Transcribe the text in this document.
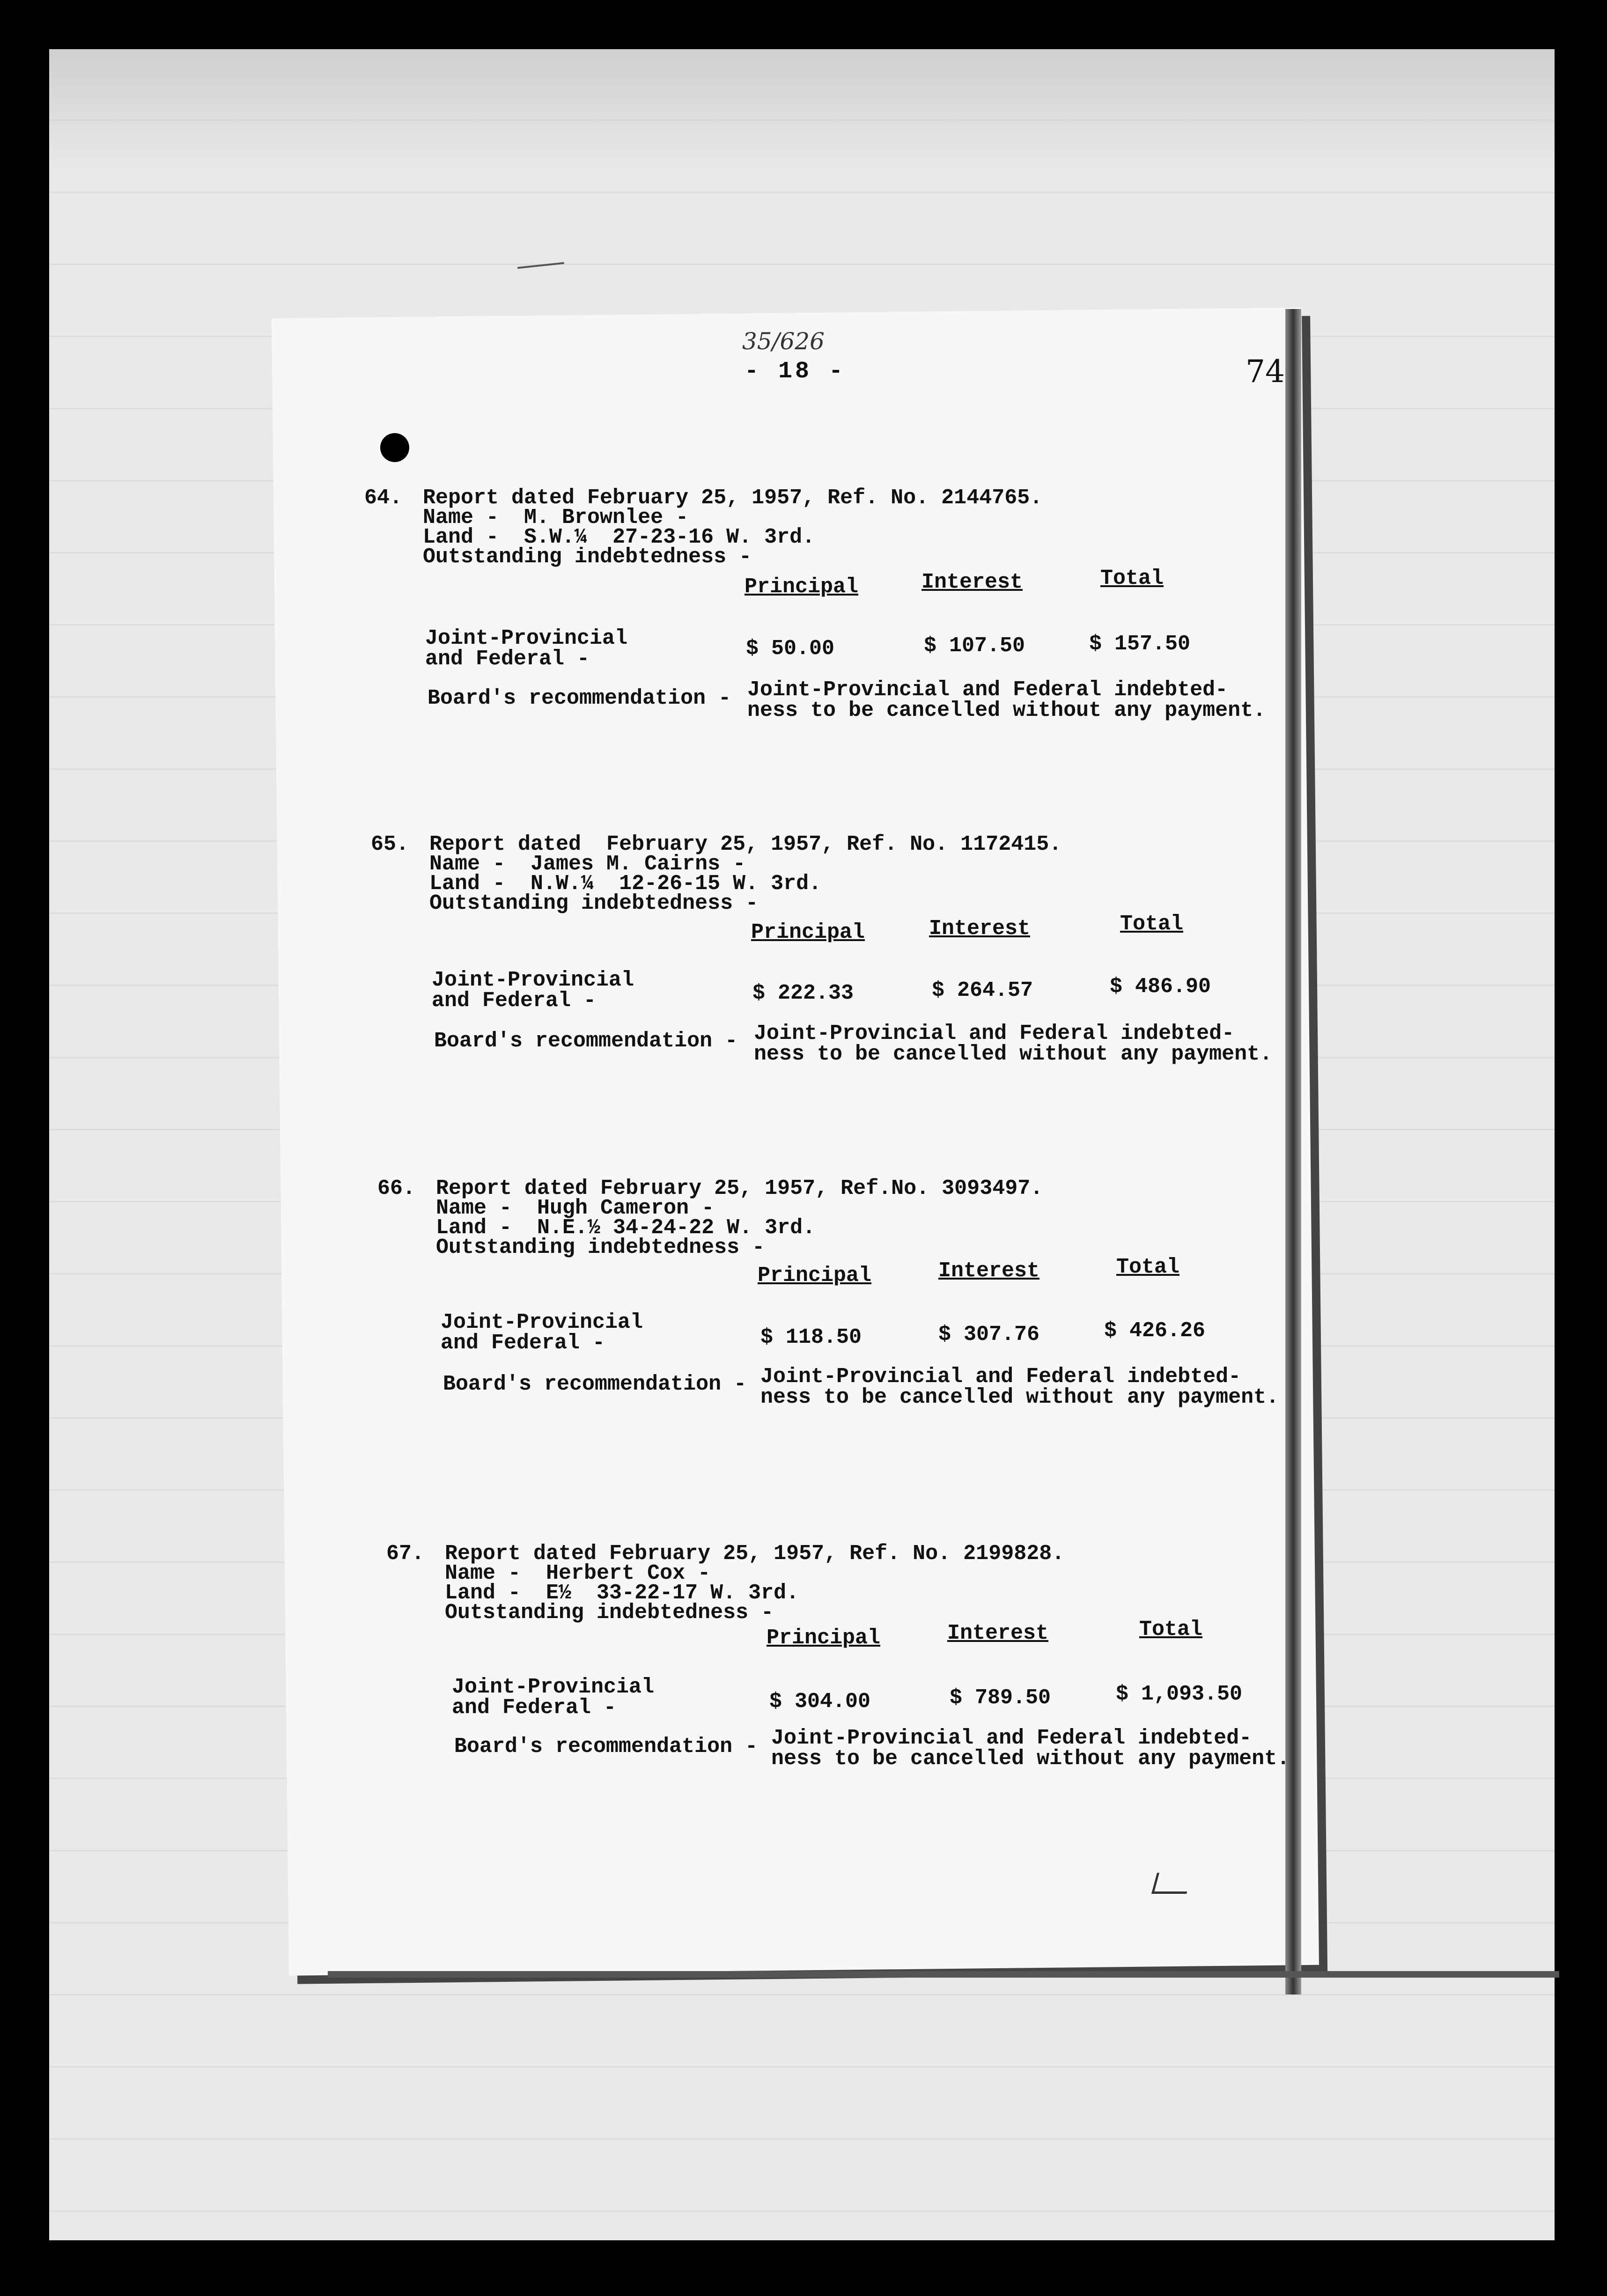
35/626
- 18 -	74
64. Report dated February 25, 1957, Ref. No. 2144765.
Name -  M. Brownlee -
Land -  S.W.¼  27-23-16 W. 3rd.
Outstanding indebtedness -
Principal	Interest	Total
Joint-Provincial
and Federal -	$ 50.00	$ 107.50	$ 157.50
Board's recommendation - Joint-Provincial and Federal indebted-
ness to be cancelled without any payment.
65. Report dated  February 25, 1957, Ref. No. 1172415.
Name -  James M. Cairns -
Land -  N.W.¼  12-26-15 W. 3rd.
Outstanding indebtedness -
Principal	Interest	Total
Joint-Provincial
and Federal -	$ 222.33	$ 264.57	$ 486.90
Board's recommendation - Joint-Provincial and Federal indebted-
ness to be cancelled without any payment.
66. Report dated February 25, 1957, Ref.No. 3093497.
Name -  Hugh Cameron -
Land -  N.E.½ 34-24-22 W. 3rd.
Outstanding indebtedness -
Principal	Interest	Total
Joint-Provincial
and Federal -	$ 118.50	$ 307.76	$ 426.26
Board's recommendation - Joint-Provincial and Federal indebted-
ness to be cancelled without any payment.
67. Report dated February 25, 1957, Ref. No. 2199828.
Name -  Herbert Cox -
Land -  E½  33-22-17 W. 3rd.
Outstanding indebtedness -
Principal	Interest	Total
Joint-Provincial
and Federal -	$ 304.00	$ 789.50	$ 1,093.50
Board's recommendation - Joint-Provincial and Federal indebted-
ness to be cancelled without any payment.
